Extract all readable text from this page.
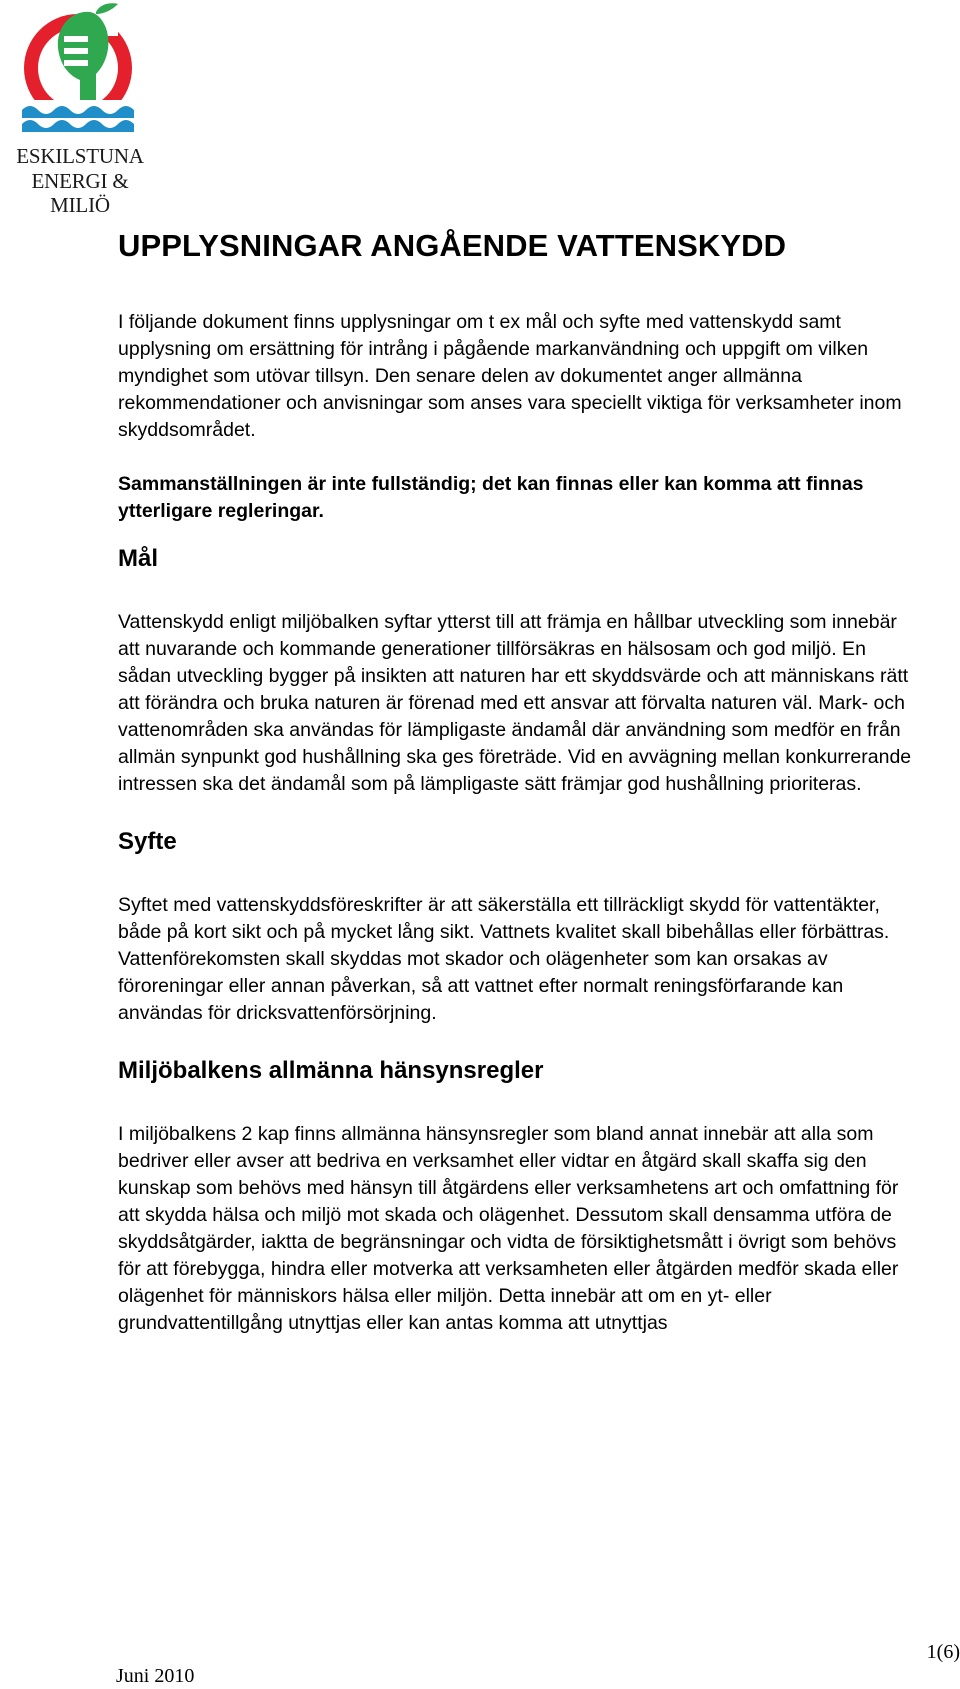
ESKILSTUNA
ENERGI & MILIÖ
UPPLYSNINGAR ANGÅENDE VATTENSKYDD

I följande dokument finns upplysningar om t ex mål och syfte med vattenskydd samt upplysning om ersättning för intrång i pågående markanvändning och uppgift om vilken myndighet som utövar tillsyn. Den senare delen av dokumentet anger allmänna rekommendationer och anvisningar som anses vara speciellt viktiga för verksamheter inom skyddsområdet.

Sammanställningen är inte fullständig; det kan finnas eller kan komma att finnas ytterligare regleringar.

Mål

Vattenskydd enligt miljöbalken syftar ytterst till att främja en hållbar utveckling som innebär att nuvarande och kommande generationer tillförsäkras en hälsosam och god miljö. En sådan utveckling bygger på insikten att naturen har ett skyddsvärde och att människans rätt att förändra och bruka naturen är förenad med ett ansvar att förvalta naturen väl. Mark- och vattenområden ska användas för lämpligaste ändamål där användning som medför en från allmän synpunkt god hushållning ska ges företräde. Vid en avvägning mellan konkurrerande intressen ska det ändamål som på lämpligaste sätt främjar god hushållning prioriteras.

Syfte

Syftet med vattenskyddsföreskrifter är att säkerställa ett tillräckligt skydd för vattentäkter, både på kort sikt och på mycket lång sikt. Vattnets kvalitet skall bibehållas eller förbättras. Vattenförekomsten skall skyddas mot skador och olägenheter som kan orsakas av föroreningar eller annan påverkan, så att vattnet efter normalt reningsförfarande kan användas för dricksvattenförsörjning.

Miljöbalkens allmänna hänsynsregler

I miljöbalkens 2 kap finns allmänna hänsynsregler som bland annat innebär att alla som bedriver eller avser att bedriva en verksamhet eller vidtar en åtgärd skall skaffa sig den kunskap som behövs med hänsyn till åtgärdens eller verksamhetens art och omfattning för att skydda hälsa och miljö mot skada och olägenhet. Dessutom skall densamma utföra de skyddsåtgärder, iaktta de begränsningar och vidta de försiktighetsmått i övrigt som behövs för att förebygga, hindra eller motverka att verksamheten eller åtgärden medför skada eller olägenhet för människors hälsa eller miljön. Detta innebär att om en yt- eller grundvattentillgång utnyttjas eller kan antas komma att utnyttjas

Juni 2010
1(6)
